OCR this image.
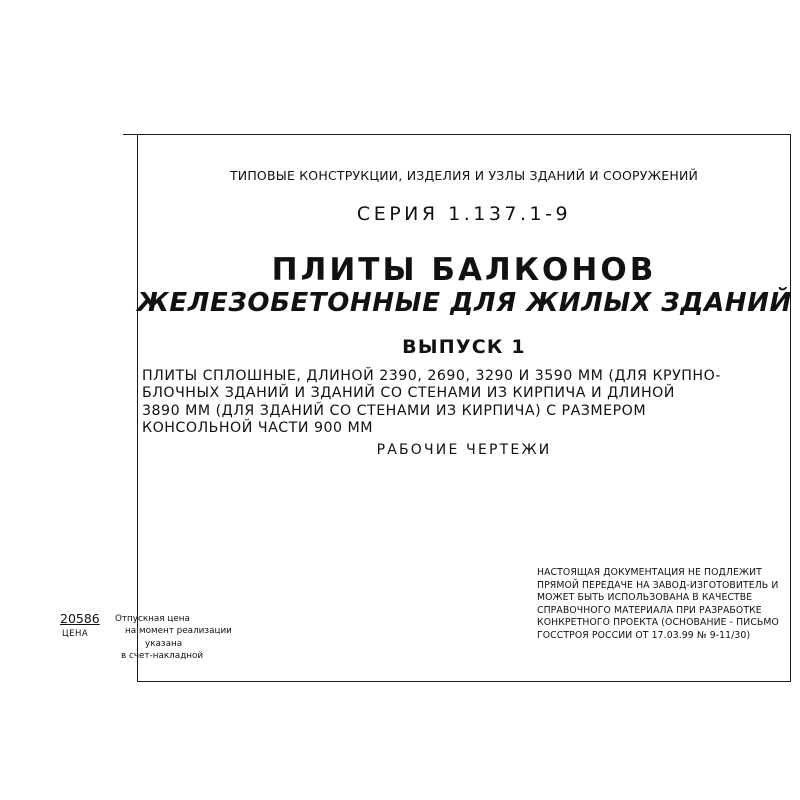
ТИПОВЫЕ КОНСТРУКЦИИ, ИЗДЕЛИЯ И УЗЛЫ ЗДАНИЙ И СООРУЖЕНИЙ
СЕРИЯ 1.137.1-9
ПЛИТЫ БАЛКОНОВ
ЖЕЛЕЗОБЕТОННЫЕ ДЛЯ ЖИЛЫХ ЗДАНИЙ
ВЫПУСК 1
ПЛИТЫ СПЛОШНЫЕ, ДЛИНОЙ 2390, 2690, 3290 И 3590 ММ (ДЛЯ КРУПНО-
БЛОЧНЫХ ЗДАНИЙ И ЗДАНИЙ СО СТЕНАМИ ИЗ КИРПИЧА И ДЛИНОЙ
3890 ММ (ДЛЯ ЗДАНИЙ СО СТЕНАМИ ИЗ КИРПИЧА) С РАЗМЕРОМ
КОНСОЛЬНОЙ ЧАСТИ 900 ММ
РАБОЧИЕ ЧЕРТЕЖИ
НАСТОЯЩАЯ ДОКУМЕНТАЦИЯ НЕ ПОДЛЕЖИТ
ПРЯМОЙ ПЕРЕДАЧЕ НА ЗАВОД-ИЗГОТОВИТЕЛЬ И
МОЖЕТ БЫТЬ ИСПОЛЬЗОВАНА В КАЧЕСТВЕ
СПРАВОЧНОГО МАТЕРИАЛА ПРИ РАЗРАБОТКЕ
КОНКРЕТНОГО ПРОЕКТА (ОСНОВАНИЕ - ПИСЬМО
ГОССТРОЯ РОССИИ ОТ 17.03.99 № 9-11/30)
20586
ЦЕНА
Отпускная цена
на момент реализации
указана
в счет-накладной
